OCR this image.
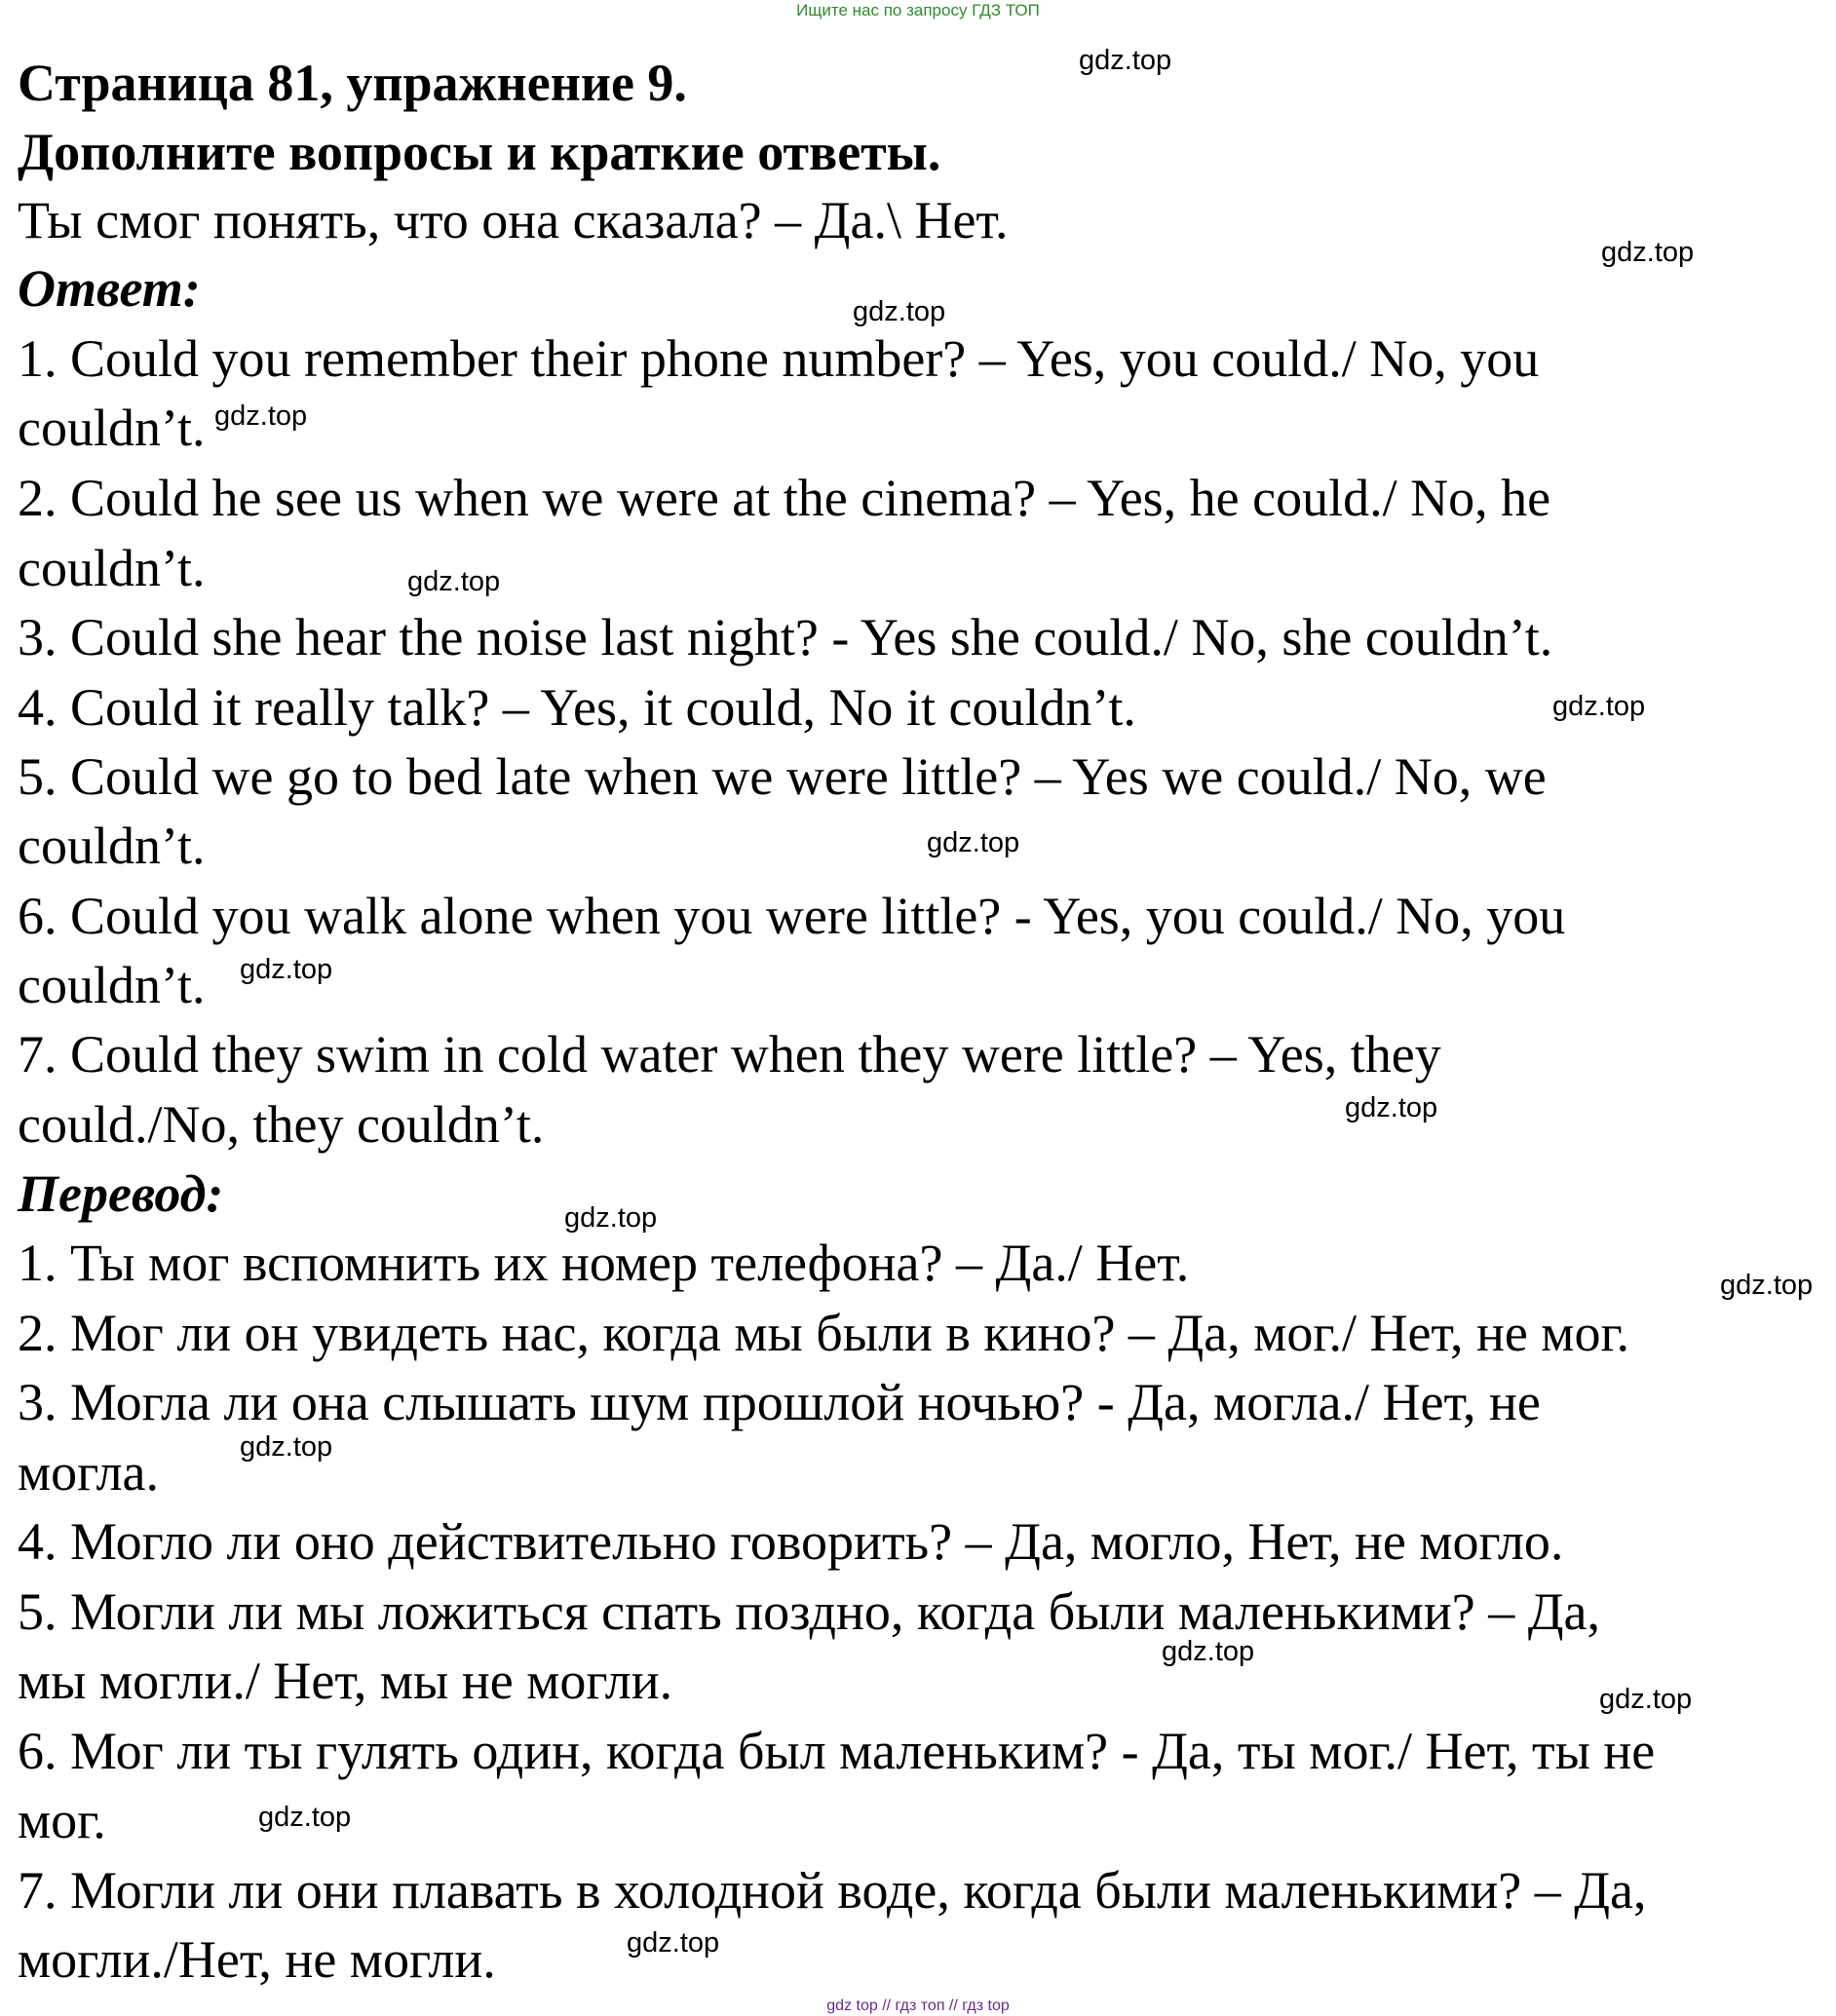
Ищите нас по запросу ГДЗ ТОП
Страница 81, упражнение 9.
Дополните вопросы и краткие ответы.
Ты смог понять, что она сказала? – Да.\ Нет.
Ответ:
1. Could you remember their phone number? – Yes, you could./ No, you
couldn’t.
2. Could he see us when we were at the cinema? – Yes, he could./ No, he
couldn’t.
3. Could she hear the noise last night? - Yes she could./ No, she couldn’t.
4. Could it really talk? – Yes, it could, No it couldn’t.
5. Could we go to bed late when we were little? – Yes we could./ No, we
couldn’t.
6. Could you walk alone when you were little? - Yes, you could./ No, you
couldn’t.
7. Could they swim in cold water when they were little? – Yes, they
could./No, they couldn’t.
Перевод:
1. Ты мог вспомнить их номер телефона? – Да./ Нет.
2. Мог ли он увидеть нас, когда мы были в кино? – Да, мог./ Нет, не мог.
3. Могла ли она слышать шум прошлой ночью? - Да, могла./ Нет, не
могла.
4. Могло ли оно действительно говорить? – Да, могло, Нет, не могло.
5. Могли ли мы ложиться спать поздно, когда были маленькими? – Да,
мы могли./ Нет, мы не могли.
6. Мог ли ты гулять один, когда был маленьким? - Да, ты мог./ Нет, ты не
мог.
7. Могли ли они плавать в холодной воде, когда были маленькими? – Да,
могли./Нет, не могли.
gdz.top
gdz.top
gdz.top
gdz.top
gdz.top
gdz.top
gdz.top
gdz.top
gdz.top
gdz.top
gdz.top
gdz.top
gdz.top
gdz.top
gdz.top
gdz.top
gdz top // гдз топ // гдз top
